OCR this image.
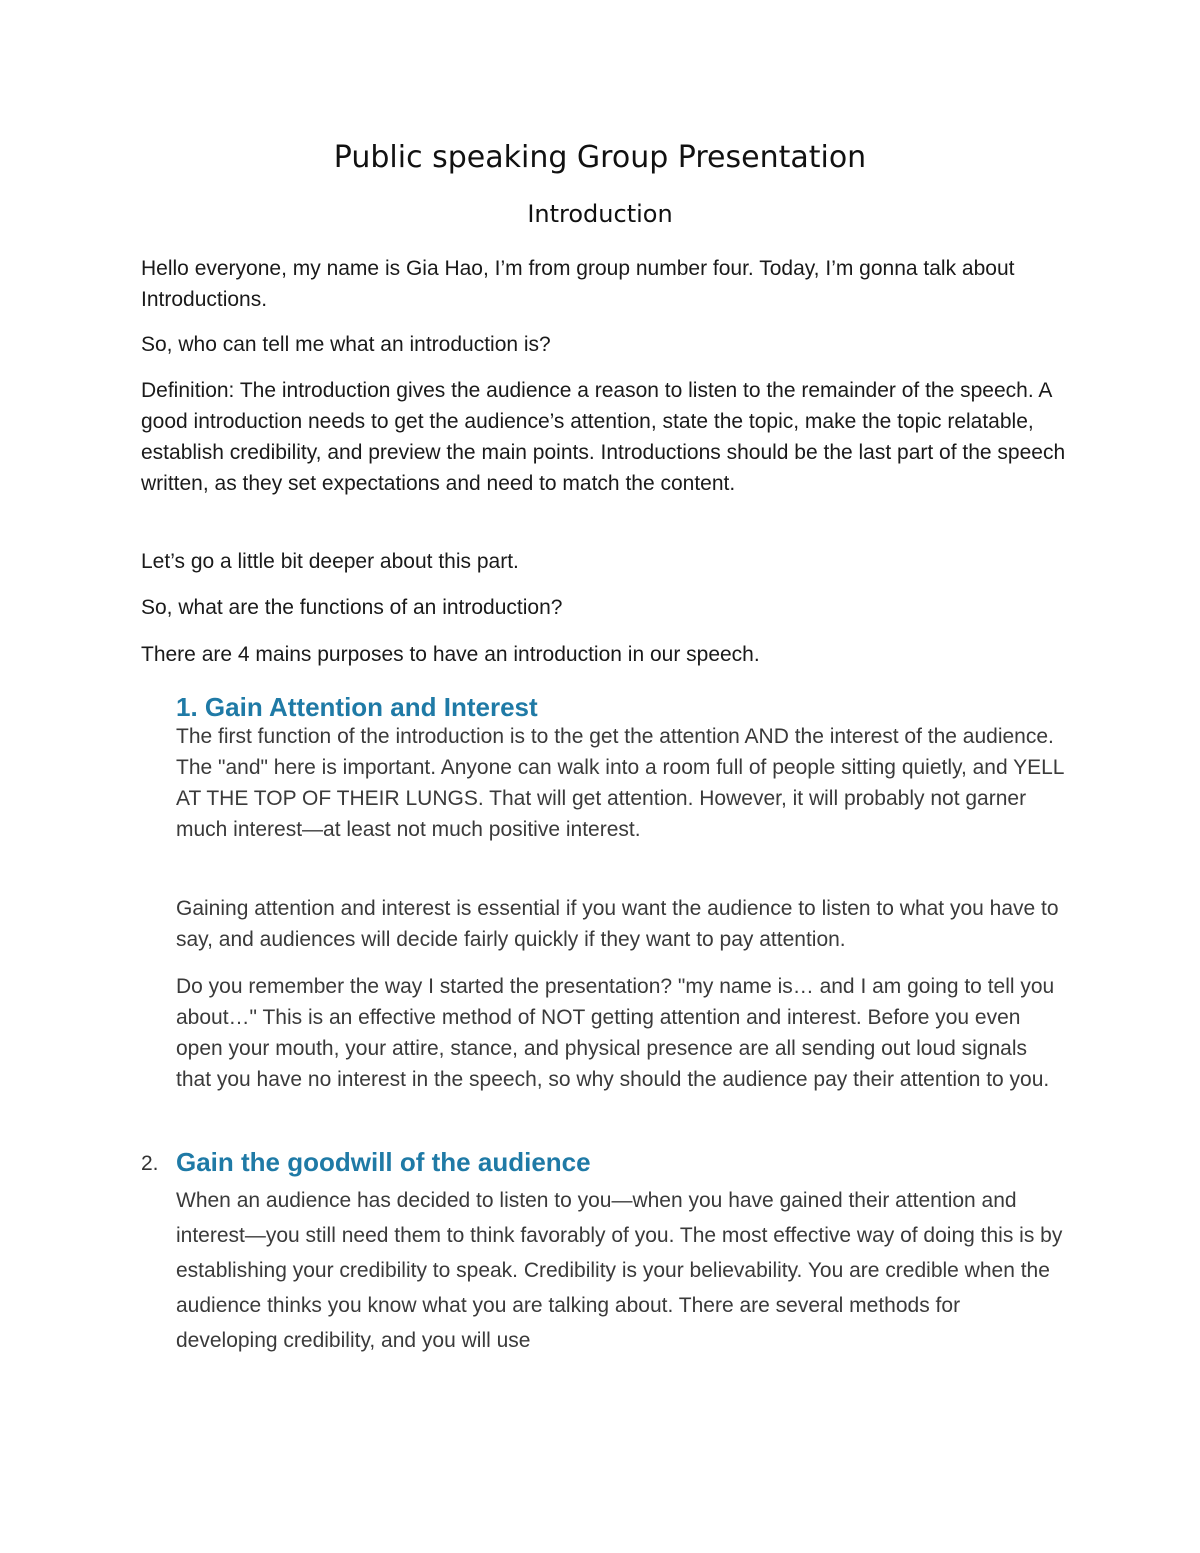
Public speaking Group Presentation
Introduction

Hello everyone, my name is Gia Hao, I’m from group number four. Today, I’m gonna talk about Introductions.

So, who can tell me what an introduction is?

Definition: The introduction gives the audience a reason to listen to the remainder of the speech. A good introduction needs to get the audience’s attention, state the topic, make the topic relatable, establish credibility, and preview the main points. Introductions should be the last part of the speech written, as they set expectations and need to match the content.

Let’s go a little bit deeper about this part.

So, what are the functions of an introduction?

There are 4 mains purposes to have an introduction in our speech.

1. Gain Attention and Interest

The first function of the introduction is to the get the attention AND the interest of the audience. The "and" here is important. Anyone can walk into a room full of people sitting quietly, and YELL AT THE TOP OF THEIR LUNGS. That will get attention. However, it will probably not garner much interest—at least not much positive interest.

Gaining attention and interest is essential if you want the audience to listen to what you have to say, and audiences will decide fairly quickly if they want to pay attention.

Do you remember the way I started the presentation? "my name is… and I am going to tell you about…" This is an effective method of NOT getting attention and interest. Before you even open your mouth, your attire, stance, and physical presence are all sending out loud signals that you have no interest in the speech, so why should the audience pay their attention to you.

2. Gain the goodwill of the audience

When an audience has decided to listen to you—when you have gained their attention and interest—you still need them to think favorably of you. The most effective way of doing this is by establishing your credibility to speak. Credibility is your believability. You are credible when the audience thinks you know what you are talking about. There are several methods for developing credibility, and you will use
